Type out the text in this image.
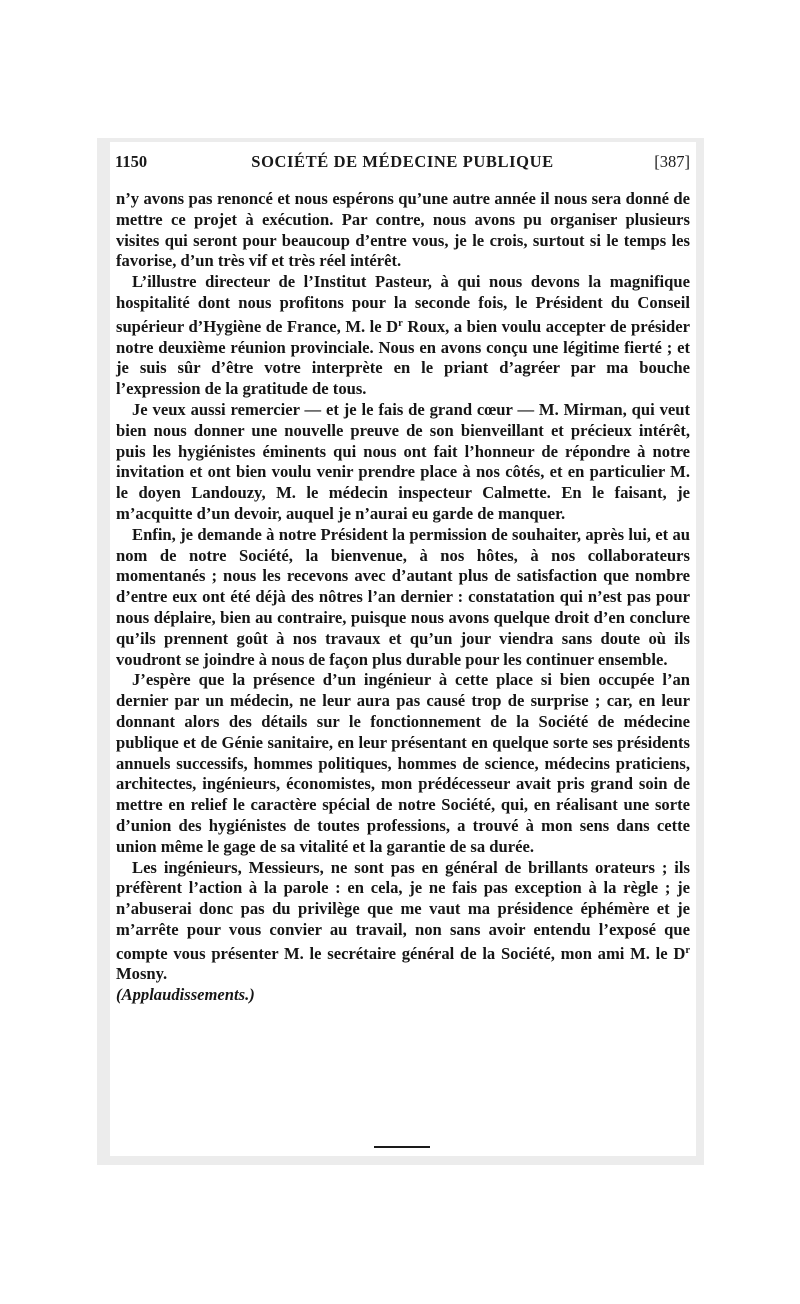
1150	SOCIÉTÉ DE MÉDECINE PUBLIQUE	[387]

n’y avons pas renoncé et nous espérons qu’une autre année il nous sera donné de mettre ce projet à exécution. Par contre, nous avons pu organiser plusieurs visites qui seront pour beaucoup d’entre vous, je le crois, surtout si le temps les favorise, d’un très vif et très réel intérêt.

L’illustre directeur de l’Institut Pasteur, à qui nous devons la magnifique hospitalité dont nous profitons pour la seconde fois, le Président du Conseil supérieur d’Hygiène de France, M. le $D^r$ Roux, a bien voulu accepter de présider notre deuxième réunion provinciale. Nous en avons conçu une légitime fierté ; et je suis sûr d’être votre interprète en le priant d’agréer par ma bouche l’expression de la gratitude de tous.

Je veux aussi remercier — et je le fais de grand cœur — M. Mirman, qui veut bien nous donner une nouvelle preuve de son bienveillant et précieux intérêt, puis les hygiénistes éminents qui nous ont fait l’honneur de répondre à notre invitation et ont bien voulu venir prendre place à nos côtés, et en particulier M. le doyen Landouzy, M. le médecin inspecteur Calmette. En le faisant, je m’acquitte d’un devoir, auquel je n’aurai eu garde de manquer.

Enfin, je demande à notre Président la permission de souhaiter, après lui, et au nom de notre Société, la bienvenue, à nos hôtes, à nos collaborateurs momentanés ; nous les recevons avec d’autant plus de satisfaction que nombre d’entre eux ont été déjà des nôtres l’an dernier : constatation qui n’est pas pour nous déplaire, bien au contraire, puisque nous avons quelque droit d’en conclure qu’ils prennent goût à nos travaux et qu’un jour viendra sans doute où ils voudront se joindre à nous de façon plus durable pour les continuer ensemble.

J’espère que la présence d’un ingénieur à cette place si bien occupée l’an dernier par un médecin, ne leur aura pas causé trop de surprise ; car, en leur donnant alors des détails sur le fonctionnement de la Société de médecine publique et de Génie sanitaire, en leur présentant en quelque sorte ses présidents annuels successifs, hommes politiques, hommes de science, médecins praticiens, architectes, ingénieurs, économistes, mon prédécesseur avait pris grand soin de mettre en relief le caractère spécial de notre Société, qui, en réalisant une sorte d’union des hygiénistes de toutes professions, a trouvé à mon sens dans cette union même le gage de sa vitalité et la garantie de sa durée.

Les ingénieurs, Messieurs, ne sont pas en général de brillants orateurs ; ils préfèrent l’action à la parole : en cela, je ne fais pas exception à la règle ; je n’abuserai donc pas du privilège que me vaut ma présidence éphémère et je m’arrête pour vous convier au travail, non sans avoir entendu l’exposé que compte vous présenter M. le secrétaire général de la Société, mon ami M. le $D^r$ Mosny.

(Applaudissements.)
